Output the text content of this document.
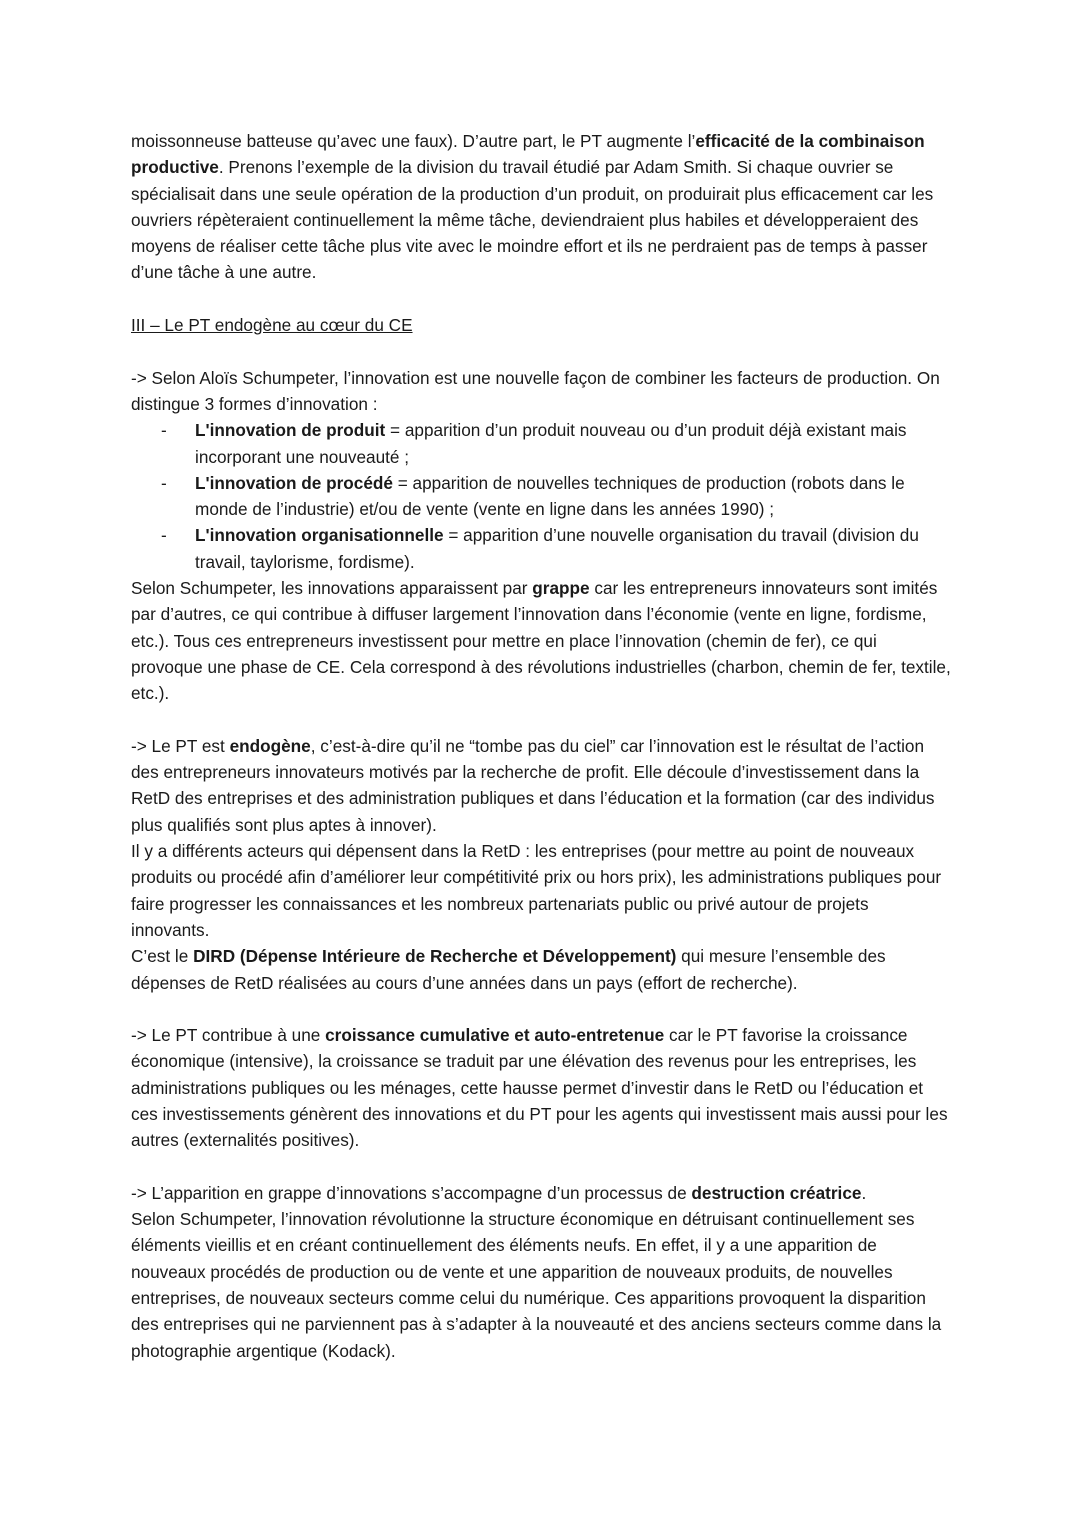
moissonneuse batteuse qu’avec une faux). D’autre part, le PT augmente l’efficacité de la combinaison productive. Prenons l’exemple de la division du travail étudié par Adam Smith. Si chaque ouvrier se spécialisait dans une seule opération de la production d’un produit, on produirait plus efficacement car les ouvriers répèteraient continuellement la même tâche, deviendraient plus habiles et développeraient des moyens de réaliser cette tâche plus vite avec le moindre effort et ils ne perdraient pas de temps à passer d’une tâche à une autre.

III – Le PT endogène au cœur du CE

-> Selon Aloïs Schumpeter, l’innovation est une nouvelle façon de combiner les facteurs de production. On distingue 3 formes d’innovation :

- L'innovation de produit = apparition d’un produit nouveau ou d’un produit déjà existant mais incorporant une nouveauté ;
- L'innovation de procédé = apparition de nouvelles techniques de production (robots dans le monde de l’industrie) et/ou de vente (vente en ligne dans les années 1990) ;
- L'innovation organisationnelle = apparition d’une nouvelle organisation du travail (division du travail, taylorisme, fordisme).

Selon Schumpeter, les innovations apparaissent par grappe car les entrepreneurs innovateurs sont imités par d’autres, ce qui contribue à diffuser largement l’innovation dans l’économie (vente en ligne, fordisme, etc.). Tous ces entrepreneurs investissent pour mettre en place l’innovation (chemin de fer), ce qui provoque une phase de CE. Cela correspond à des révolutions industrielles (charbon, chemin de fer, textile, etc.).

-> Le PT est endogène, c’est-à-dire qu’il ne “tombe pas du ciel” car l’innovation est le résultat de l’action des entrepreneurs innovateurs motivés par la recherche de profit. Elle découle d’investissement dans la RetD des entreprises et des administration publiques et dans l’éducation et la formation (car des individus plus qualifiés sont plus aptes à innover).

Il y a différents acteurs qui dépensent dans la RetD : les entreprises (pour mettre au point de nouveaux produits ou procédé afin d’améliorer leur compétitivité prix ou hors prix), les administrations publiques pour faire progresser les connaissances et les nombreux partenariats public ou privé autour de projets innovants.

C’est le DIRD (Dépense Intérieure de Recherche et Développement) qui mesure l’ensemble des dépenses de RetD réalisées au cours d’une années dans un pays (effort de recherche).

-> Le PT contribue à une croissance cumulative et auto-entretenue car le PT favorise la croissance économique (intensive), la croissance se traduit par une élévation des revenus pour les entreprises, les administrations publiques ou les ménages, cette hausse permet d’investir dans le RetD ou l’éducation et ces investissements génèrent des innovations et du PT pour les agents qui investissent mais aussi pour les autres (externalités positives).

-> L’apparition en grappe d’innovations s’accompagne d’un processus de destruction créatrice.

Selon Schumpeter, l’innovation révolutionne la structure économique en détruisant continuellement ses éléments vieillis et en créant continuellement des éléments neufs. En effet, il y a une apparition de nouveaux procédés de production ou de vente et une apparition de nouveaux produits, de nouvelles entreprises, de nouveaux secteurs comme celui du numérique. Ces apparitions provoquent la disparition des entreprises qui ne parviennent pas à s’adapter à la nouveauté et des anciens secteurs comme dans la photographie argentique (Kodack).
